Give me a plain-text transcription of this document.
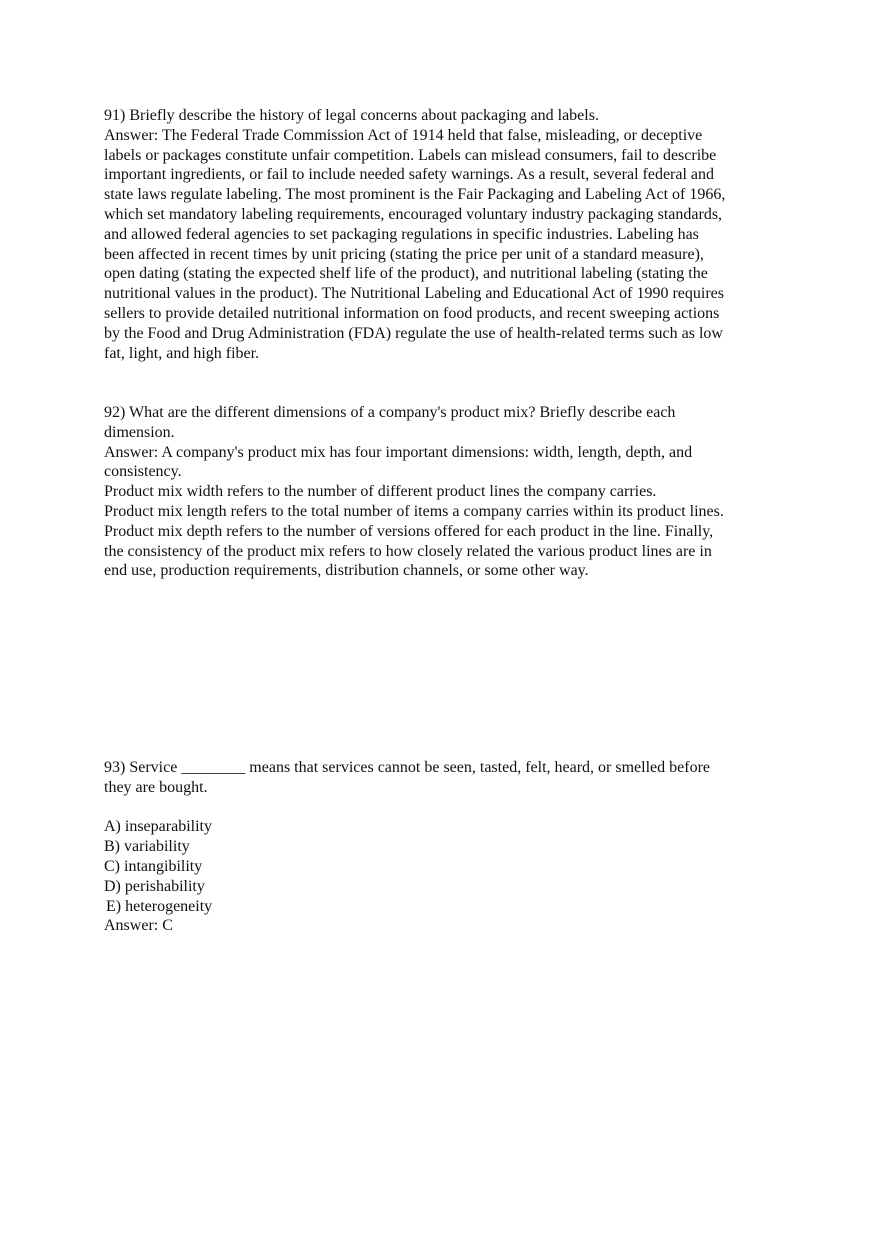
91) Briefly describe the history of legal concerns about packaging and labels.
Answer: The Federal Trade Commission Act of 1914 held that false, misleading, or deceptive
labels or packages constitute unfair competition. Labels can mislead consumers, fail to describe
important ingredients, or fail to include needed safety warnings. As a result, several federal and
state laws regulate labeling. The most prominent is the Fair Packaging and Labeling Act of 1966,
which set mandatory labeling requirements, encouraged voluntary industry packaging standards,
and allowed federal agencies to set packaging regulations in specific industries. Labeling has
been affected in recent times by unit pricing (stating the price per unit of a standard measure),
open dating (stating the expected shelf life of the product), and nutritional labeling (stating the
nutritional values in the product). The Nutritional Labeling and Educational Act of 1990 requires
sellers to provide detailed nutritional information on food products, and recent sweeping actions
by the Food and Drug Administration (FDA) regulate the use of health-related terms such as low
fat, light, and high fiber.
92) What are the different dimensions of a company's product mix? Briefly describe each
dimension.
Answer: A company's product mix has four important dimensions: width, length, depth, and
consistency.
Product mix width refers to the number of different product lines the company carries.
Product mix length refers to the total number of items a company carries within its product lines.
Product mix depth refers to the number of versions offered for each product in the line. Finally,
the consistency of the product mix refers to how closely related the various product lines are in
end use, production requirements, distribution channels, or some other way.
93) Service ________ means that services cannot be seen, tasted, felt, heard, or smelled before
they are bought.
A) inseparability
B) variability
C) intangibility
D) perishability
E) heterogeneity
Answer: C
